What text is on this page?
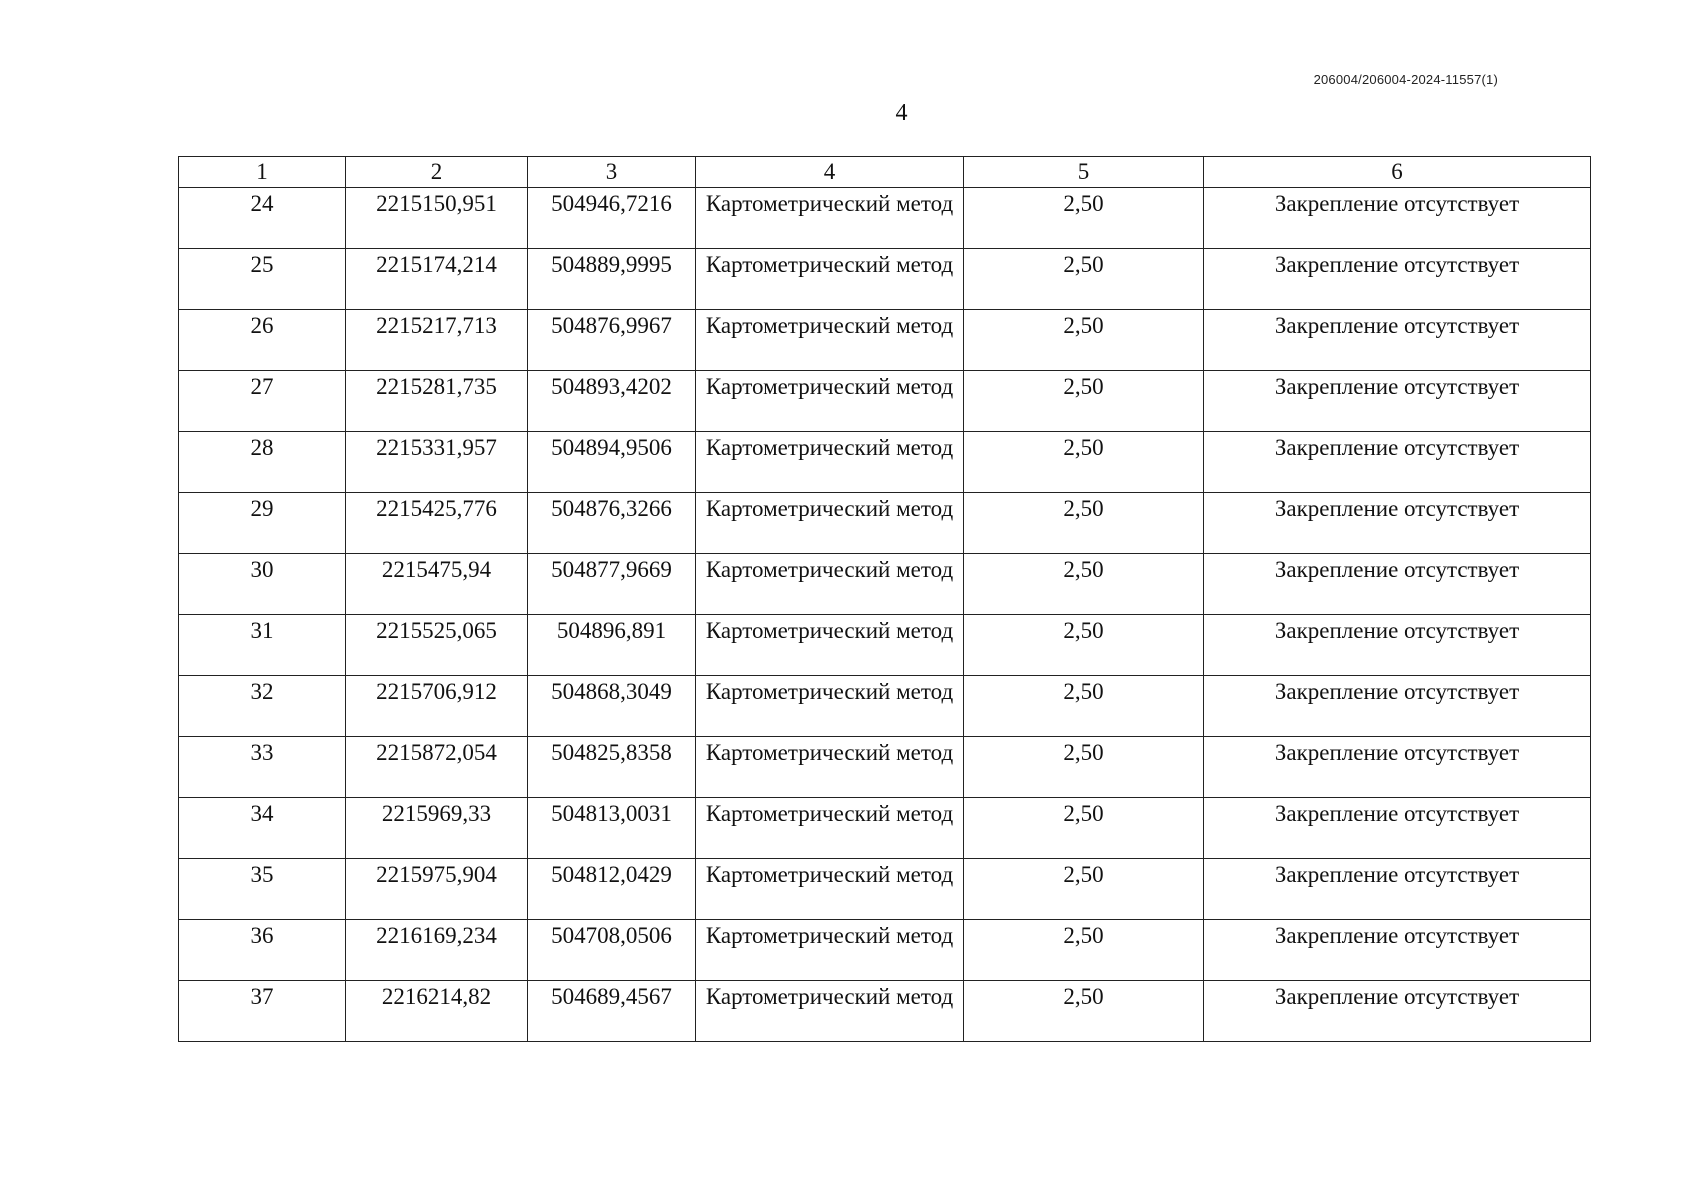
206004/206004-2024-11557(1)
4
1	2	3	4	5	6
24	2215150,951	504946,7216	Картометрический метод	2,50	Закрепление отсутствует
25	2215174,214	504889,9995	Картометрический метод	2,50	Закрепление отсутствует
26	2215217,713	504876,9967	Картометрический метод	2,50	Закрепление отсутствует
27	2215281,735	504893,4202	Картометрический метод	2,50	Закрепление отсутствует
28	2215331,957	504894,9506	Картометрический метод	2,50	Закрепление отсутствует
29	2215425,776	504876,3266	Картометрический метод	2,50	Закрепление отсутствует
30	2215475,94	504877,9669	Картометрический метод	2,50	Закрепление отсутствует
31	2215525,065	504896,891	Картометрический метод	2,50	Закрепление отсутствует
32	2215706,912	504868,3049	Картометрический метод	2,50	Закрепление отсутствует
33	2215872,054	504825,8358	Картометрический метод	2,50	Закрепление отсутствует
34	2215969,33	504813,0031	Картометрический метод	2,50	Закрепление отсутствует
35	2215975,904	504812,0429	Картометрический метод	2,50	Закрепление отсутствует
36	2216169,234	504708,0506	Картометрический метод	2,50	Закрепление отсутствует
37	2216214,82	504689,4567	Картометрический метод	2,50	Закрепление отсутствует
